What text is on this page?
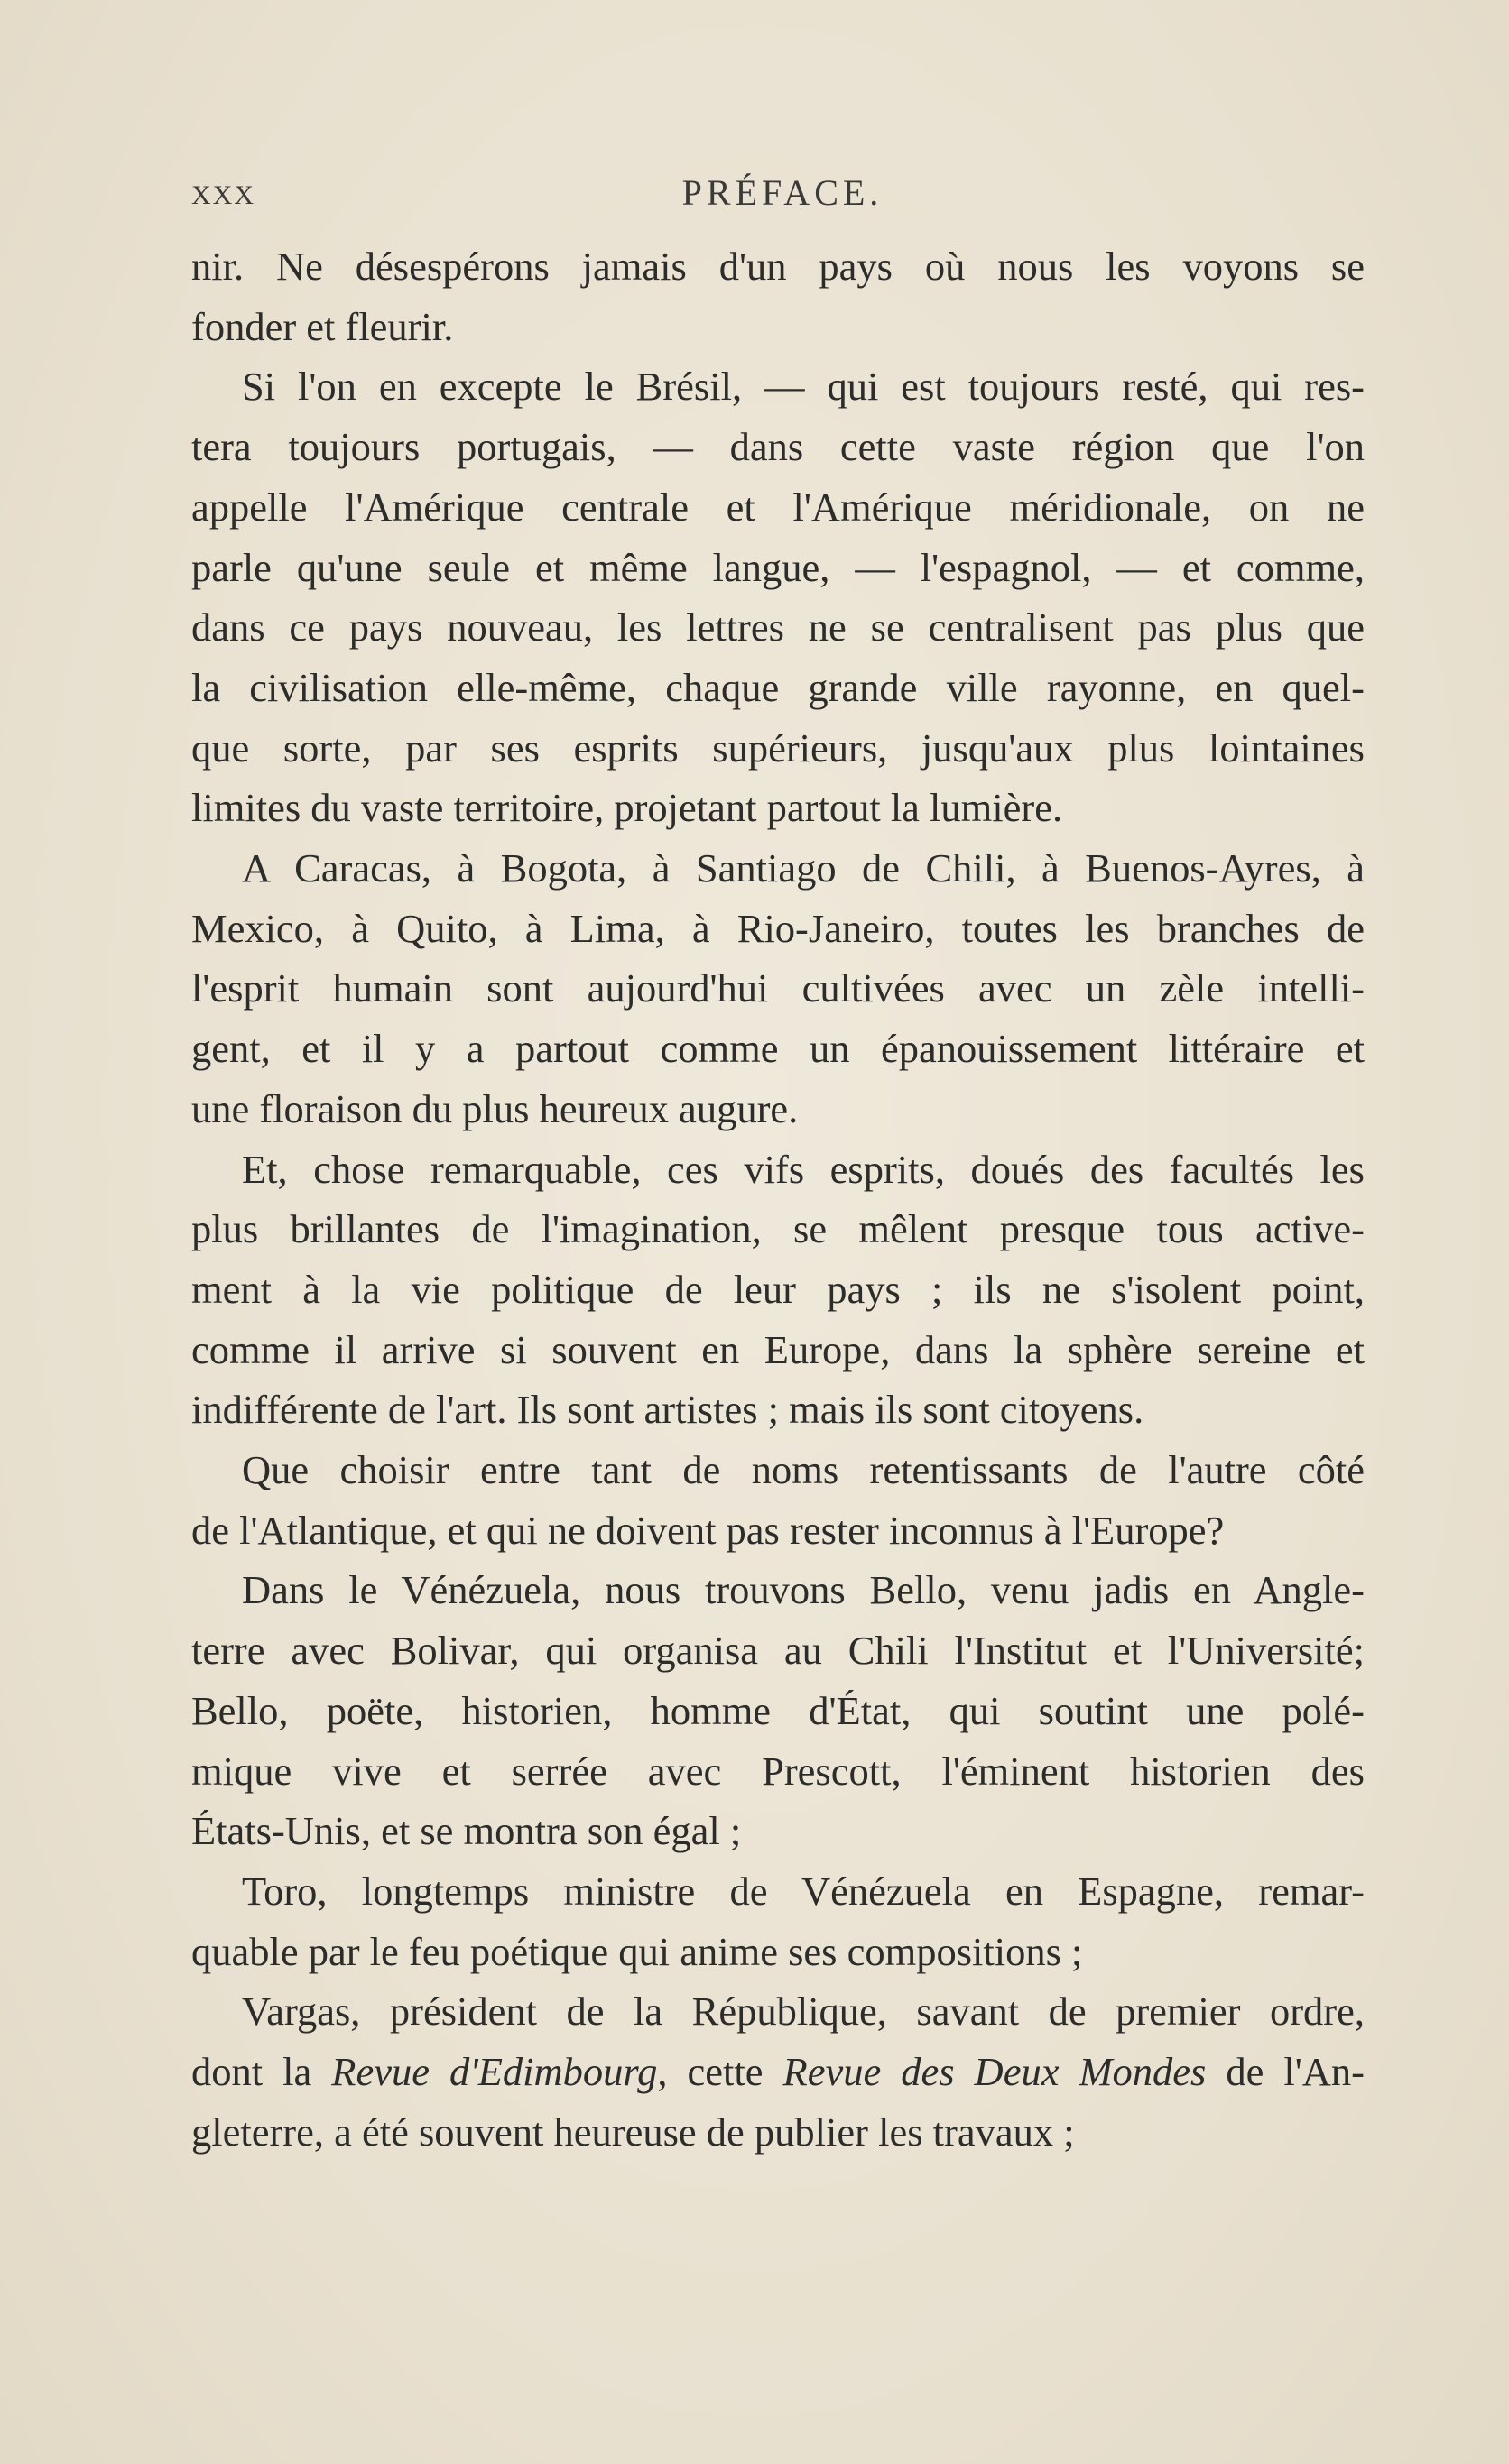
XXX	PRÉFACE.
nir. Ne désespérons jamais d'un pays où nous les voyons se
fonder et fleurir.
Si l'on en excepte le Brésil, — qui est toujours resté, qui res-
tera toujours portugais, — dans cette vaste région que l'on
appelle l'Amérique centrale et l'Amérique méridionale, on ne
parle qu'une seule et même langue, — l'espagnol, — et comme,
dans ce pays nouveau, les lettres ne se centralisent pas plus que
la civilisation elle-même, chaque grande ville rayonne, en quel-
que sorte, par ses esprits supérieurs, jusqu'aux plus lointaines
limites du vaste territoire, projetant partout la lumière.
A Caracas, à Bogota, à Santiago de Chili, à Buenos-Ayres, à
Mexico, à Quito, à Lima, à Rio-Janeiro, toutes les branches de
l'esprit humain sont aujourd'hui cultivées avec un zèle intelli-
gent, et il y a partout comme un épanouissement littéraire et
une floraison du plus heureux augure.
Et, chose remarquable, ces vifs esprits, doués des facultés les
plus brillantes de l'imagination, se mêlent presque tous active-
ment à la vie politique de leur pays ; ils ne s'isolent point,
comme il arrive si souvent en Europe, dans la sphère sereine et
indifférente de l'art. Ils sont artistes ; mais ils sont citoyens.
Que choisir entre tant de noms retentissants de l'autre côté
de l'Atlantique, et qui ne doivent pas rester inconnus à l'Europe?
Dans le Vénézuela, nous trouvons Bello, venu jadis en Angle-
terre avec Bolivar, qui organisa au Chili l'Institut et l'Université;
Bello, poëte, historien, homme d'État, qui soutint une polé-
mique vive et serrée avec Prescott, l'éminent historien des
États-Unis, et se montra son égal ;
Toro, longtemps ministre de Vénézuela en Espagne, remar-
quable par le feu poétique qui anime ses compositions ;
Vargas, président de la République, savant de premier ordre,
dont la Revue d'Edimbourg, cette Revue des Deux Mondes de l'An-
gleterre, a été souvent heureuse de publier les travaux ;
